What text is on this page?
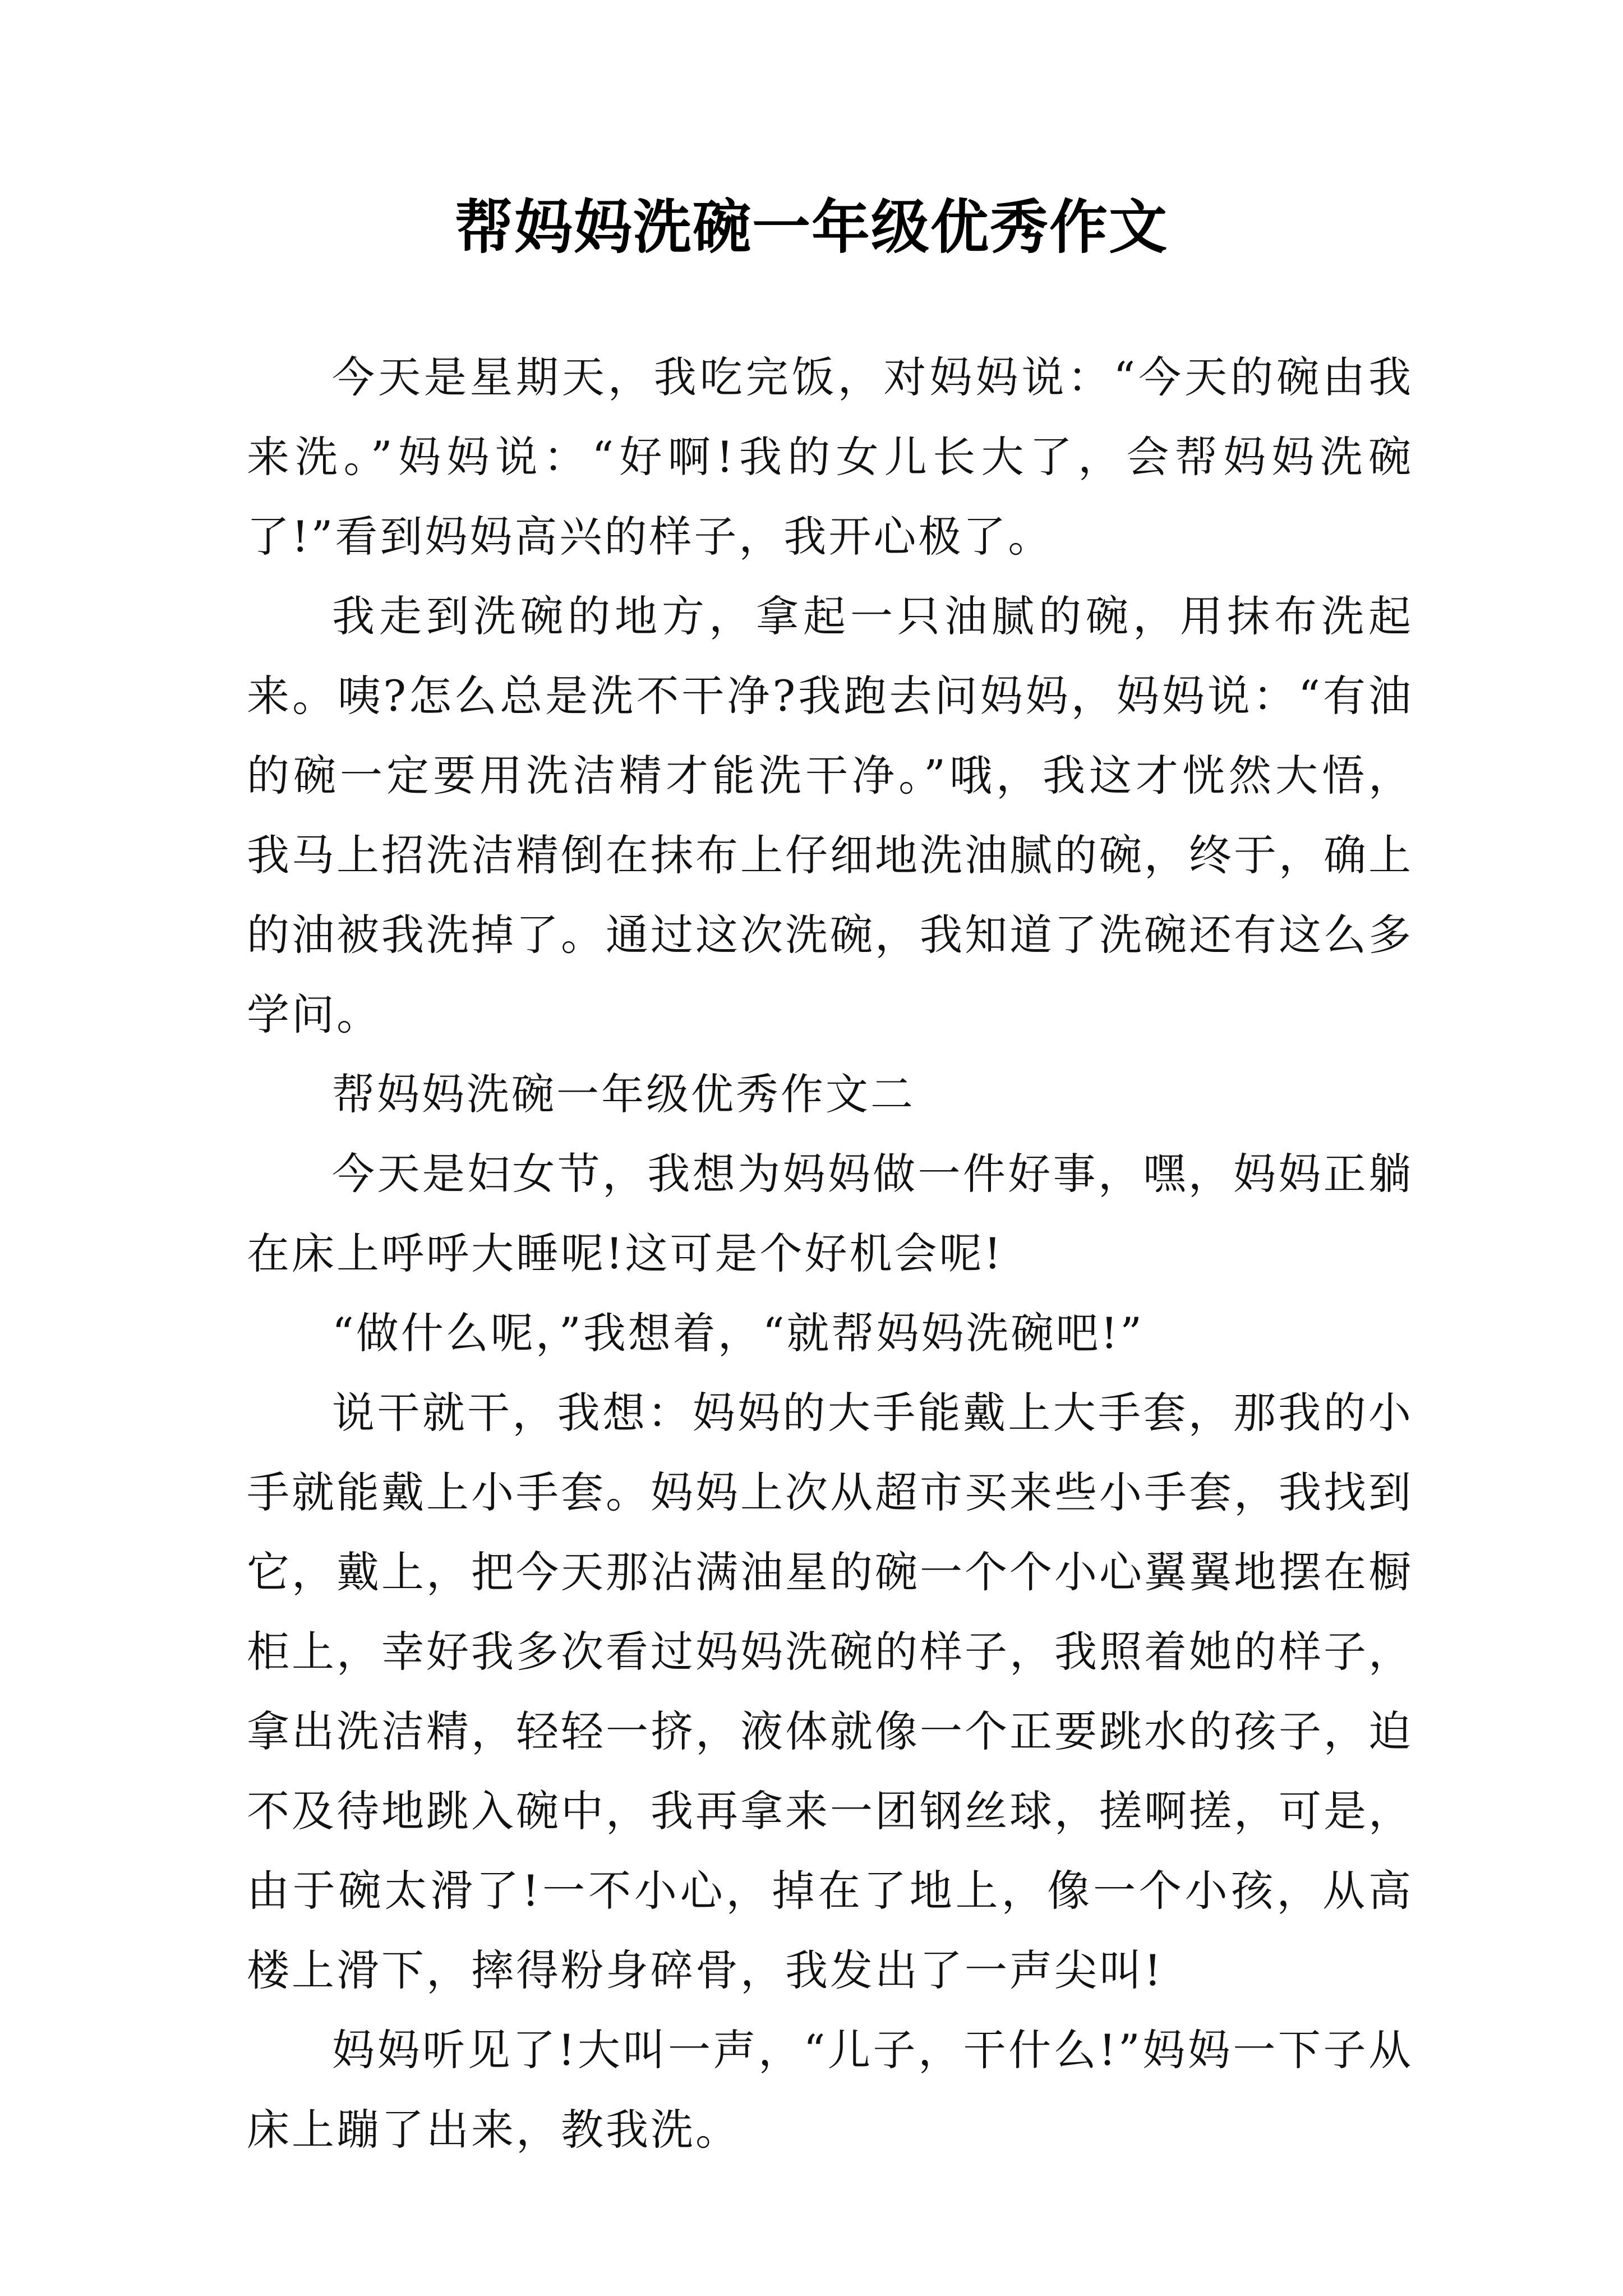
帮妈妈洗碗一年级优秀作文

今天是星期天，我吃完饭，对妈妈说：“今天的碗由我来洗。”妈妈说：“好啊!我的女儿长大了，会帮妈妈洗碗了!”看到妈妈高兴的样子，我开心极了。

我走到洗碗的地方，拿起一只油腻的碗，用抹布洗起来。咦?怎么总是洗不干净?我跑去问妈妈，妈妈说：“有油的碗一定要用洗洁精才能洗干净。”哦，我这才恍然大悟，我马上招洗洁精倒在抹布上仔细地洗油腻的碗，终于，确上的油被我洗掉了。通过这次洗碗，我知道了洗碗还有这么多学问。

帮妈妈洗碗一年级优秀作文二

今天是妇女节，我想为妈妈做一件好事，嘿，妈妈正躺在床上呼呼大睡呢!这可是个好机会呢!

“做什么呢，”我想着，“就帮妈妈洗碗吧!”

说干就干，我想：妈妈的大手能戴上大手套，那我的小手就能戴上小手套。妈妈上次从超市买来些小手套，我找到它，戴上，把今天那沾满油星的碗一个个小心翼翼地摆在橱柜上，幸好我多次看过妈妈洗碗的样子，我照着她的样子，拿出洗洁精，轻轻一挤，液体就像一个正要跳水的孩子，迫不及待地跳入碗中，我再拿来一团钢丝球，搓啊搓，可是，由于碗太滑了!一不小心，掉在了地上，像一个小孩，从高楼上滑下，摔得粉身碎骨，我发出了一声尖叫!

妈妈听见了!大叫一声，“儿子，干什么!”妈妈一下子从床上蹦了出来，教我洗。
